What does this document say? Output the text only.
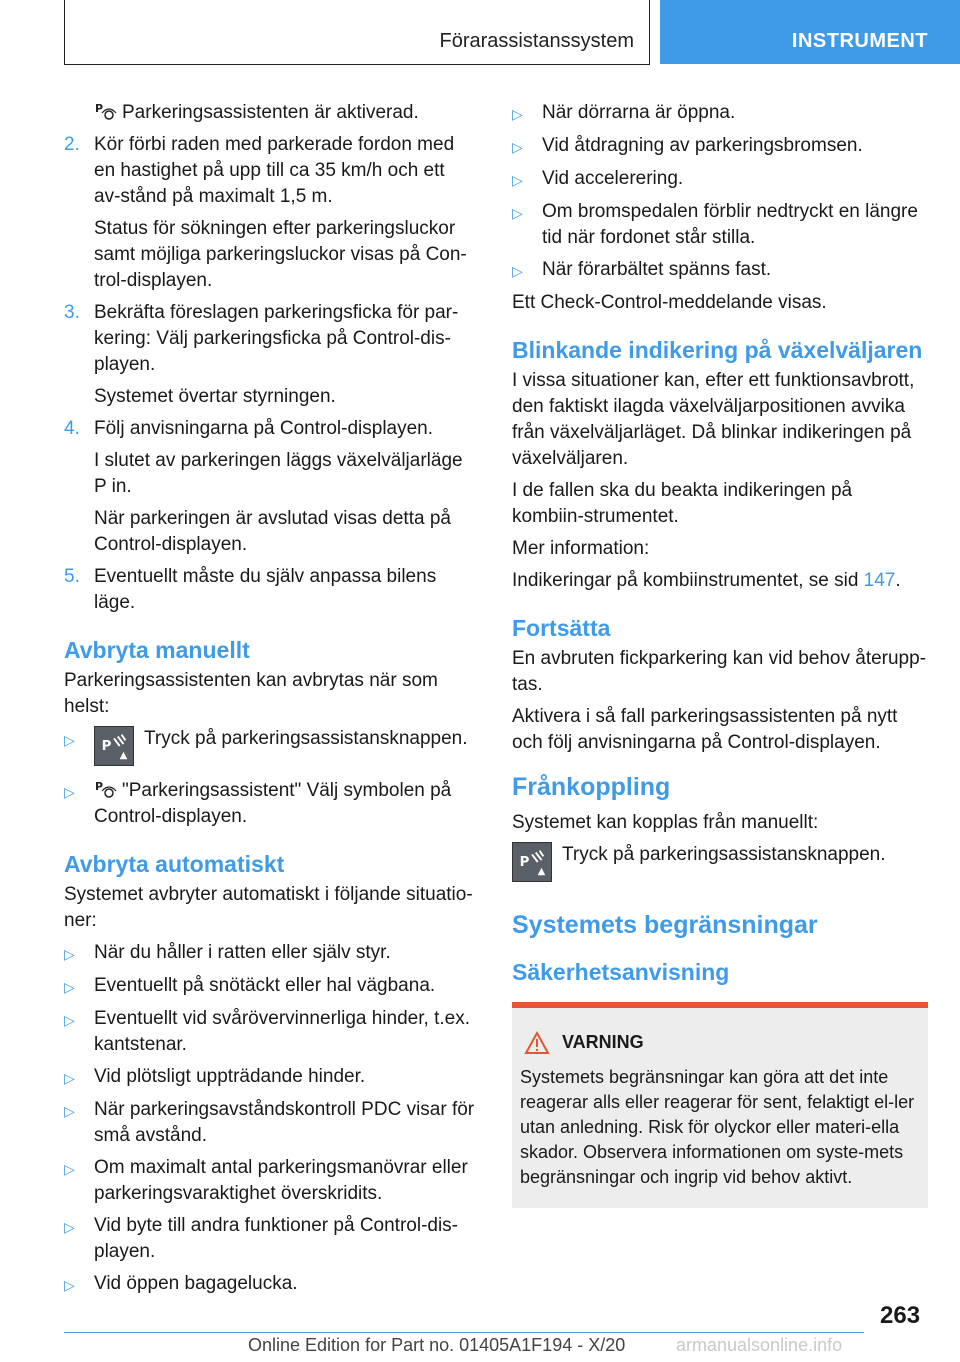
Förarassistanssystem	INSTRUMENT

P Parkeringsassistenten är aktiverad.

2. Kör förbi raden med parkerade fordon med en hastighet på upp till ca 35 km/h och ett av-stånd på maximalt 1,5 m.

Status för sökningen efter parkeringsluckor samt möjliga parkeringsluckor visas på Con-trol-displayen.

3. Bekräfta föreslagen parkeringsficka för par-kering: Välj parkeringsficka på Control-dis-playen.

Systemet övertar styrningen.

4. Följ anvisningarna på Control-displayen.

I slutet av parkeringen läggs växelväljarläge P in.

När parkeringen är avslutad visas detta på Control-displayen.

5. Eventuellt måste du själv anpassa bilens läge.
Avbryta manuellt

Parkeringsassistenten kan avbrytas när som helst:

▷	P Tryck på parkeringsassistansknappen.
▷	P "Parkeringsassistent" Välj symbolen på Control-displayen.
Avbryta automatiskt

Systemet avbryter automatiskt i följande situatio-ner:

▷	När du håller i ratten eller själv styr.
▷	Eventuellt på snötäckt eller hal vägbana.
▷	Eventuellt vid svårövervinnerliga hinder, t.ex. kantstenar.
▷	Vid plötsligt uppträdande hinder.
▷	När parkeringsavståndskontroll PDC visar för små avstånd.
▷	Om maximalt antal parkeringsmanövrar eller parkeringsvaraktighet överskridits.
▷	Vid byte till andra funktioner på Control-dis-playen.
▷	Vid öppen bagagelucka.
▷	När dörrarna är öppna.
▷	Vid åtdragning av parkeringsbromsen.
▷	Vid accelerering.
▷	Om bromspedalen förblir nedtryckt en längre tid när fordonet står stilla.
▷	När förarbältet spänns fast.

Ett Check-Control-meddelande visas.

Blinkande indikering på växelväljaren

I vissa situationer kan, efter ett funktionsavbrott, den faktiskt ilagda växelväljarpositionen avvika från växelväljarläget. Då blinkar indikeringen på växelväljaren.

I de fallen ska du beakta indikeringen på kombiin-strumentet.

Mer information:

Indikeringar på kombiinstrumentet, se sid 147.

Fortsätta

En avbruten fickparkering kan vid behov återupp-tas.

Aktivera i så fall parkeringsassistenten på nytt och följ anvisningarna på Control-displayen.

Frånkoppling

Systemet kan kopplas från manuellt:

P Tryck på parkeringsassistansknappen.
Systemets begränsningar
Säkerhetsanvisning
VARNING
Systemets begränsningar kan göra att det inte reagerar alls eller reagerar för sent, felaktigt el-ler utan anledning. Risk för olyckor eller materi-ella skador. Observera informationen om syste-mets begränsningar och ingrip vid behov aktivt.
263
Online Edition for Part no. 01405A1F194 - X/20	armanualsonline.info
